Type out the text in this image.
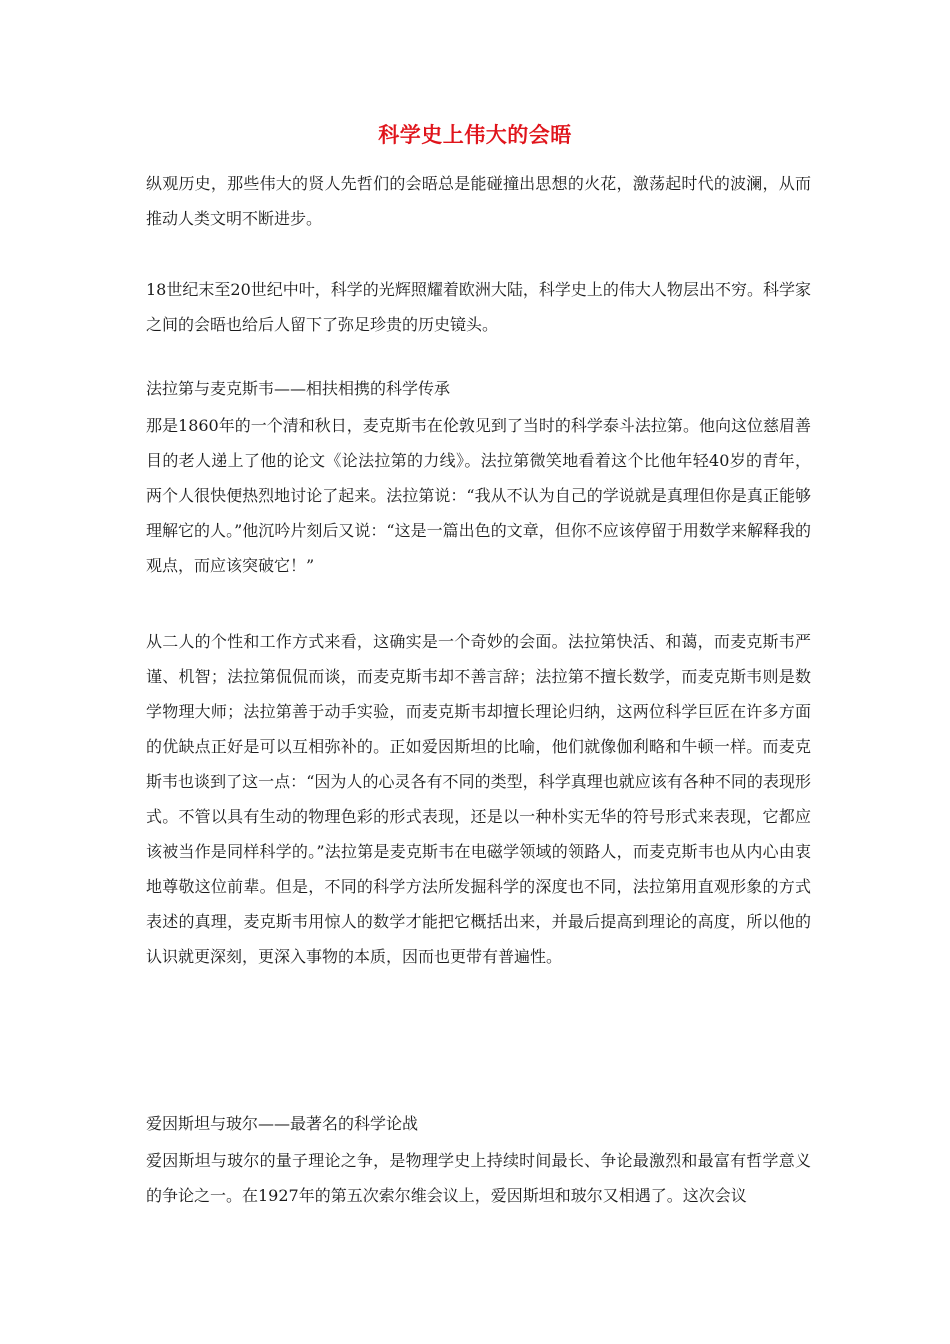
科学史上伟大的会晤

纵观历史，那些伟大的贤人先哲们的会晤总是能碰撞出思想的火花，激荡起时代的波澜，从而推动人类文明不断进步。

18世纪末至20世纪中叶，科学的光辉照耀着欧洲大陆，科学史上的伟大人物层出不穷。科学家之间的会晤也给后人留下了弥足珍贵的历史镜头。

法拉第与麦克斯韦——相扶相携的科学传承

那是1860年的一个清和秋日，麦克斯韦在伦敦见到了当时的科学泰斗法拉第。他向这位慈眉善目的老人递上了他的论文《论法拉第的力线》。法拉第微笑地看着这个比他年轻40岁的青年，两个人很快便热烈地讨论了起来。法拉第说：“我从不认为自己的学说就是真理但你是真正能够理解它的人。”他沉吟片刻后又说：“这是一篇出色的文章，但你不应该停留于用数学来解释我的观点，而应该突破它！”

从二人的个性和工作方式来看，这确实是一个奇妙的会面。法拉第快活、和蔼，而麦克斯韦严谨、机智；法拉第侃侃而谈，而麦克斯韦却不善言辞；法拉第不擅长数学，而麦克斯韦则是数学物理大师；法拉第善于动手实验，而麦克斯韦却擅长理论归纳，这两位科学巨匠在许多方面的优缺点正好是可以互相弥补的。正如爱因斯坦的比喻，他们就像伽利略和牛顿一样。而麦克斯韦也谈到了这一点：“因为人的心灵各有不同的类型，科学真理也就应该有各种不同的表现形式。不管以具有生动的物理色彩的形式表现，还是以一种朴实无华的符号形式来表现，它都应该被当作是同样科学的。”法拉第是麦克斯韦在电磁学领域的领路人，而麦克斯韦也从内心由衷地尊敬这位前辈。但是，不同的科学方法所发掘科学的深度也不同，法拉第用直观形象的方式表述的真理，麦克斯韦用惊人的数学才能把它概括出来，并最后提高到理论的高度，所以他的认识就更深刻，更深入事物的本质，因而也更带有普遍性。

爱因斯坦与玻尔——最著名的科学论战

爱因斯坦与玻尔的量子理论之争，是物理学史上持续时间最长、争论最激烈和最富有哲学意义的争论之一。在1927年的第五次索尔维会议上，爱因斯坦和玻尔又相遇了。这次会议
